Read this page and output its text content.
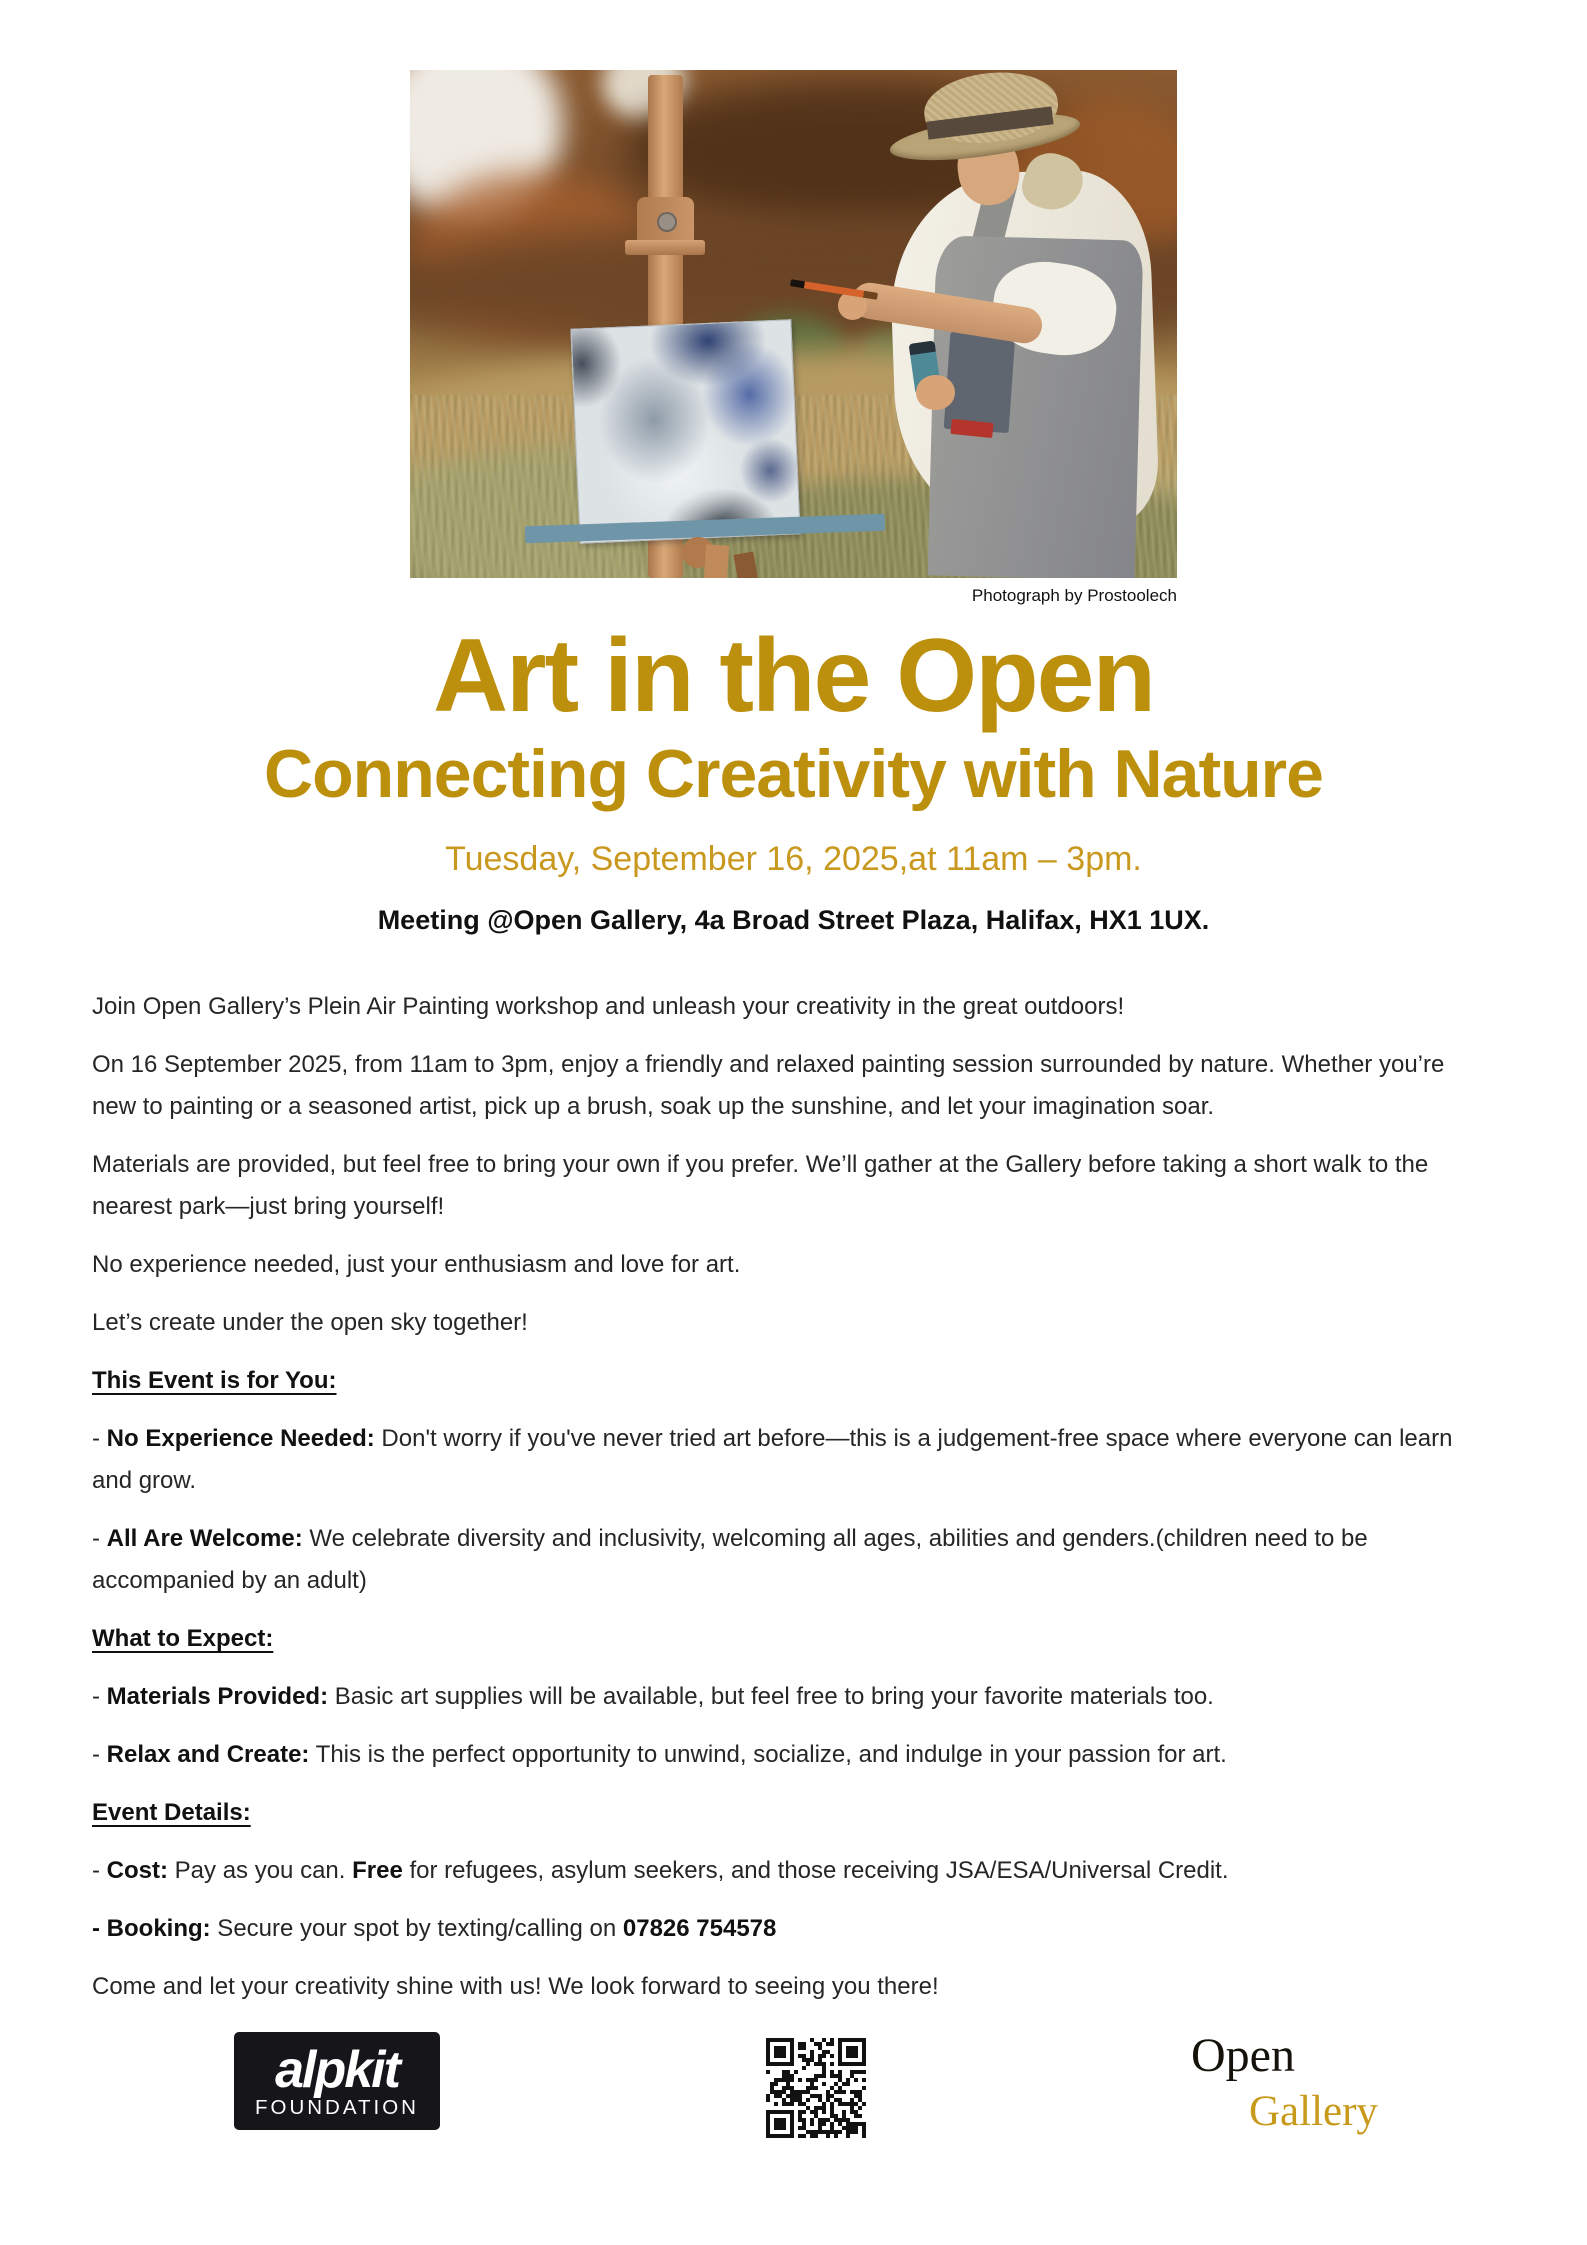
Photograph by Prostoolech
Art in the Open
Connecting Creativity with Nature
Tuesday, September 16, 2025,at 11am – 3pm.
Meeting @Open Gallery, 4a Broad Street Plaza, Halifax, HX1 1UX.

Join Open Gallery’s Plein Air Painting workshop and unleash your creativity in the great outdoors!

On 16 September 2025, from 11am to 3pm, enjoy a friendly and relaxed painting session surrounded by nature. Whether you’re new to painting or a seasoned artist, pick up a brush, soak up the sunshine, and let your imagination soar.

Materials are provided, but feel free to bring your own if you prefer. We’ll gather at the Gallery before taking a short walk to the nearest park—just bring yourself!

No experience needed, just your enthusiasm and love for art.

Let’s create under the open sky together!

This Event is for You:

- No Experience Needed: Don't worry if you've never tried art before—this is a judgement-free space where everyone can learn and grow.

- All Are Welcome: We celebrate diversity and inclusivity, welcoming all ages, abilities and genders.(children need to be accompanied by an adult)

What to Expect:

- Materials Provided: Basic art supplies will be available, but feel free to bring your favorite materials too.

- Relax and Create: This is the perfect opportunity to unwind, socialize, and indulge in your passion for art.

Event Details:

- Cost: Pay as you can. Free for refugees, asylum seekers, and those receiving JSA/ESA/Universal Credit.

- Booking: Secure your spot by texting/calling on 07826 754578

Come and let your creativity shine with us! We look forward to seeing you there!

alpkit
FOUNDATION
Open
Gallery
